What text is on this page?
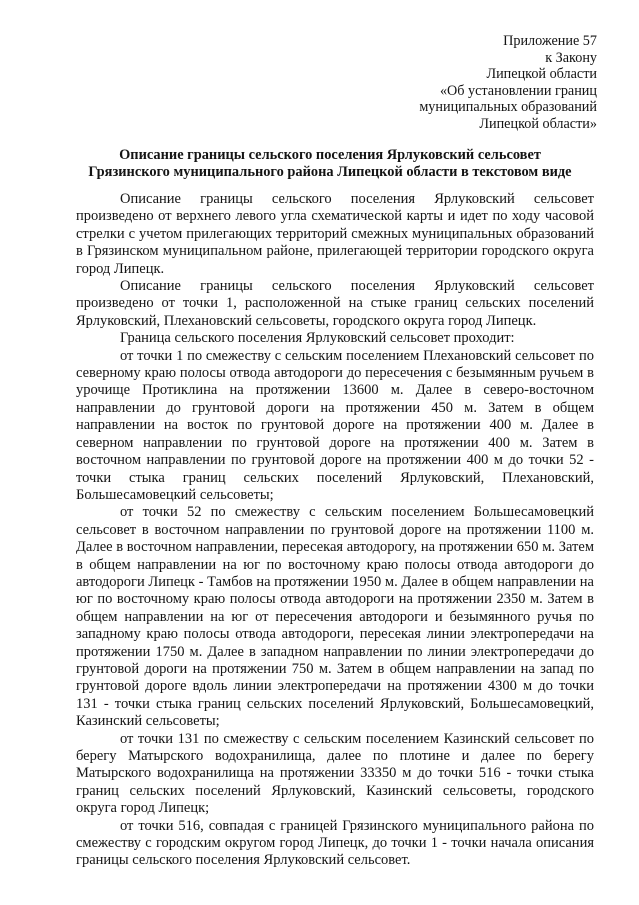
Приложение 57
к Закону
Липецкой области
«Об установлении границ
муниципальных образований
Липецкой области»
Описание границы сельского поселения Ярлуковский сельсовет
Грязинского муниципального района Липецкой области в текстовом виде

Описание границы сельского поселения Ярлуковский сельсовет произведено от верхнего левого угла схематической карты и идет по ходу часовой стрелки с учетом прилегающих территорий смежных муниципальных образований в Грязинском муниципальном районе, прилегающей территории городского округа город Липецк.

Описание границы сельского поселения Ярлуковский сельсовет произведено от точки 1, расположенной на стыке границ сельских поселений Ярлуковский, Плехановский сельсоветы, городского округа город Липецк.

Граница сельского поселения Ярлуковский сельсовет проходит:

от точки 1 по смежеству с сельским поселением Плехановский сельсовет по северному краю полосы отвода автодороги до пересечения с безымянным ручьем в урочище Протиклина на протяжении 13600 м. Далее в северо-восточном направлении до грунтовой дороги на протяжении 450 м. Затем в общем направлении на восток по грунтовой дороге на протяжении 400 м. Далее в северном направлении по грунтовой дороге на протяжении 400 м. Затем в восточном направлении по грунтовой дороге на протяжении 400 м до точки 52 - точки стыка границ сельских поселений Ярлуковский, Плехановский, Большесамовецкий сельсоветы;

от точки 52 по смежеству с сельским поселением Большесамовецкий сельсовет в восточном направлении по грунтовой дороге на протяжении 1100 м. Далее в восточном направлении, пересекая автодорогу, на протяжении 650 м. Затем в общем направлении на юг по восточному краю полосы отвода автодороги до автодороги Липецк - Тамбов на протяжении 1950 м. Далее в общем направлении на юг по восточному краю полосы отвода автодороги на протяжении 2350 м. Затем в общем направлении на юг от пересечения автодороги и безымянного ручья по западному краю полосы отвода автодороги, пересекая линии электропередачи на протяжении 1750 м. Далее в западном направлении по линии электропередачи до грунтовой дороги на протяжении 750 м. Затем в общем направлении на запад по грунтовой дороге вдоль линии электропередачи на протяжении 4300 м до точки 131 - точки стыка границ сельских поселений Ярлуковский, Большесамовецкий, Казинский сельсоветы;

от точки 131 по смежеству с сельским поселением Казинский сельсовет по берегу Матырского водохранилища, далее по плотине и далее по берегу Матырского водохранилища на протяжении 33350 м до точки 516 - точки стыка границ сельских поселений Ярлуковский, Казинский сельсоветы, городского округа город Липецк;

от точки 516, совпадая с границей Грязинского муниципального района по смежеству с городским округом город Липецк, до точки 1 - точки начала описания границы сельского поселения Ярлуковский сельсовет.
